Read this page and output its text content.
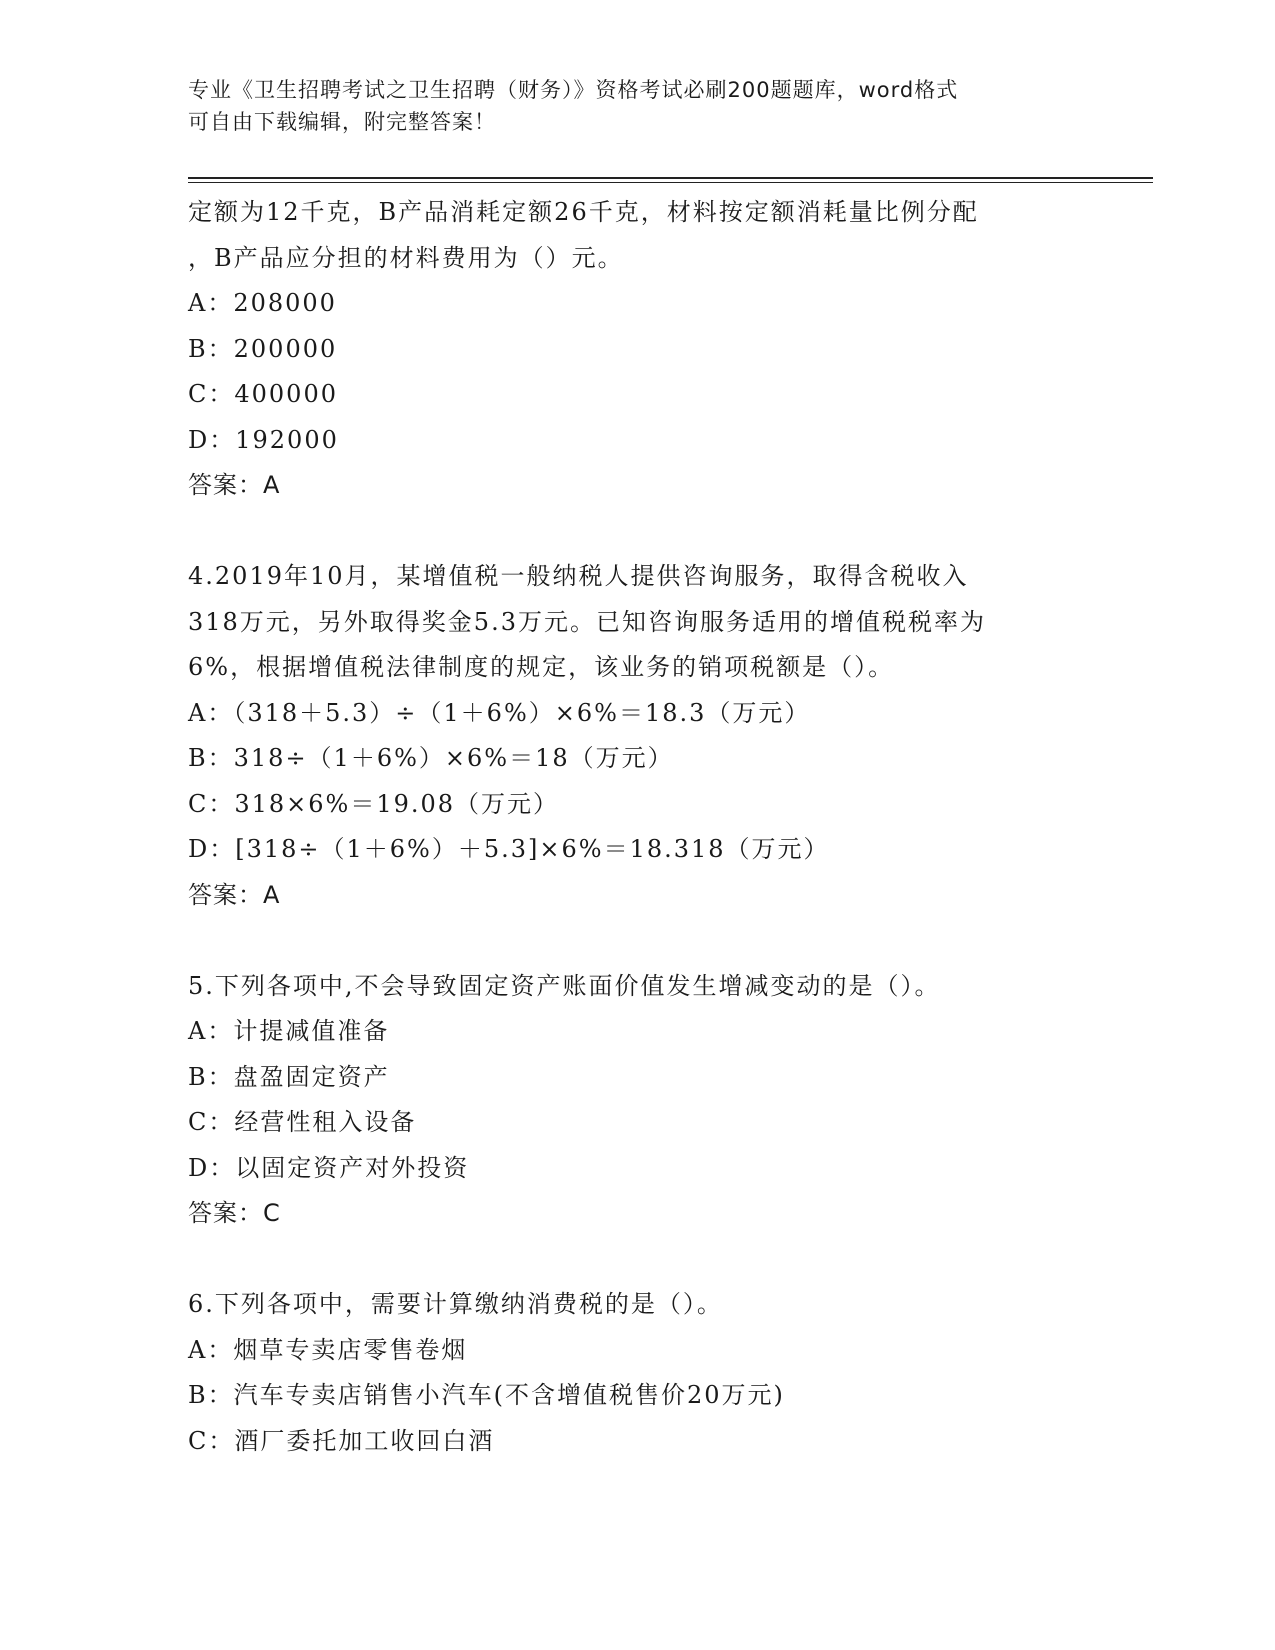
专业《卫生招聘考试之卫生招聘（财务）》资格考试必刷200题题库，word格式
可自由下载编辑，附完整答案！
定额为12千克，B产品消耗定额26千克，材料按定额消耗量比例分配
，B产品应分担的材料费用为（）元。
A：208000
B：200000
C：400000
D：192000
答案：A
4.2019年10月，某增值税一般纳税人提供咨询服务，取得含税收入
318万元，另外取得奖金5.3万元。已知咨询服务适用的增值税税率为
6%，根据增值税法律制度的规定，该业务的销项税额是（）。
A：（318＋5.3）÷（1＋6%）×6%＝18.3（万元）
B：318÷（1＋6%）×6%＝18（万元）
C：318×6%＝19.08（万元）
D：[318÷（1＋6%）＋5.3]×6%＝18.318（万元）
答案：A
5.下列各项中,不会导致固定资产账面价值发生增减变动的是（）。
A：计提减值准备
B：盘盈固定资产
C：经营性租入设备
D：以固定资产对外投资
答案：C
6.下列各项中，需要计算缴纳消费税的是（）。
A：烟草专卖店零售卷烟
B：汽车专卖店销售小汽车(不含增值税售价20万元)
C：酒厂委托加工收回白酒
